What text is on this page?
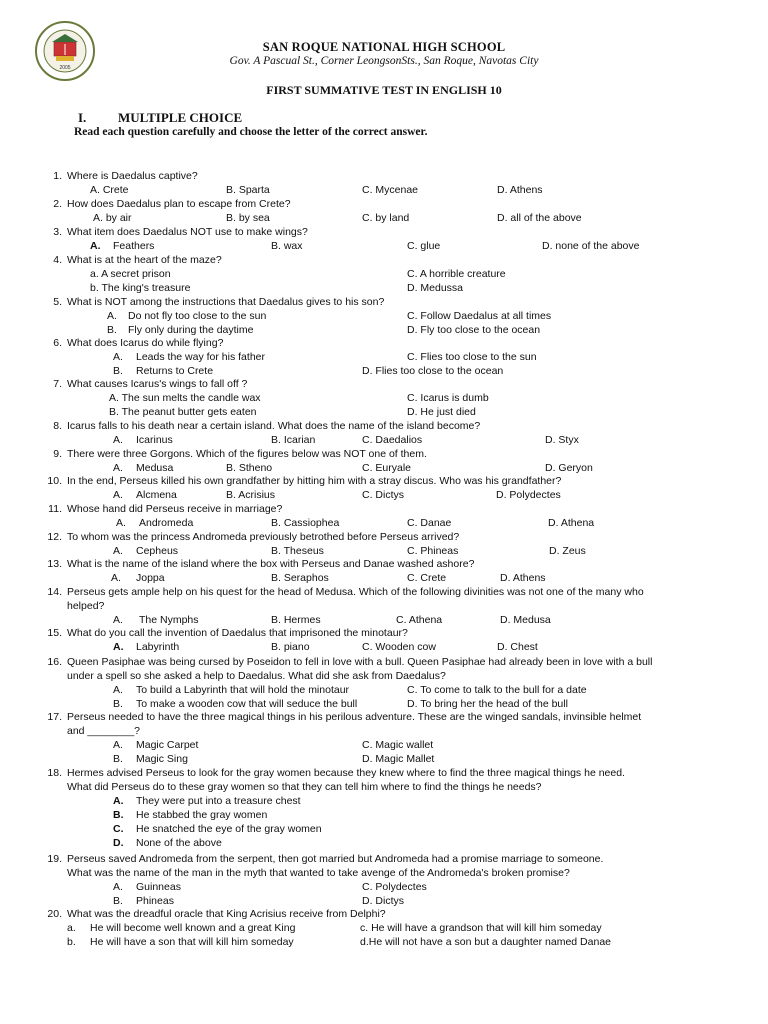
2005
SAN ROQUE NATIONAL HIGH SCHOOL
Gov. A Pascual St., Corner LeongsonSts., San Roque, Navotas City
FIRST SUMMATIVE TEST IN ENGLISH 10
I. MULTIPLE CHOICE
Read each question carefully and choose the letter of the correct answer.
1. Where is Daedalus captive?
A. Crete	B. Sparta	C. Mycenae	D. Athens
2. How does Daedalus plan to escape from Crete?
A. by air	B. by sea	C. by land	D. all of the above
3. What item does Daedalus NOT use to make wings?
A. Feathers	B. wax	C. glue	D. none of the above
4. What is at the heart of the maze?
a. A secret prison	C. A horrible creature
b. The king's treasure	D. Medussa
5. What is NOT among the instructions that Daedalus gives to his son?
A. Do not fly too close to the sun	C. Follow Daedalus at all times
B. Fly only during the daytime	D. Fly too close to the ocean
6. What does Icarus do while flying?
A. Leads the way for his father	C. Flies too close to the sun
B. Returns to Crete	D. Flies too close to the ocean
7. What causes Icarus's wings to fall off ?
A. The sun melts the candle wax	C. Icarus is dumb
B. The peanut butter gets eaten	D. He just died
8. Icarus falls to his death near a certain island. What does the name of the island become?
A. Icarinus	B. Icarian	C. Daedalios	D. Styx
9. There were three Gorgons. Which of the figures below was NOT one of them.
A. Medusa	B. Stheno	C. Euryale	D. Geryon
10. In the end, Perseus killed his own grandfather by hitting him with a stray discus. Who was his grandfather?
A. Alcmena	B. Acrisius	C. Dictys	D. Polydectes
11. Whose hand did Perseus receive in marriage?
A. Andromeda	B. Cassiophea	C. Danae	D. Athena
12. To whom was the princess Andromeda previously betrothed before Perseus arrived?
A. Cepheus	B. Theseus	C. Phineas	D. Zeus
13. What is the name of the island where the box with Perseus and Danae washed ashore?
A. Joppa	B. Seraphos	C. Crete	D. Athens
14. Perseus gets ample help on his quest for the head of Medusa. Which of the following divinities was not one of the many who
helped?
A. The Nymphs	B. Hermes	C. Athena	D. Medusa
15. What do you call the invention of Daedalus that imprisoned the minotaur?
A. Labyrinth	B. piano	C. Wooden cow	D. Chest
16. Queen Pasiphae was being cursed by Poseidon to fell in love with a bull. Queen Pasiphae had already been in love with a bull
under a spell so she asked a help to Daedalus. What did she ask from Daedalus?
A. To build a Labyrinth that will hold the minotaur	C. To come to talk to the bull for a date
B. To make a wooden cow that will seduce the bull	D. To bring her the head of the bull
17. Perseus needed to have the three magical things in his perilous adventure. These are the winged sandals, invinsible helmet
and ________?
A. Magic Carpet	C. Magic wallet
B. Magic Sing	D. Magic Mallet
18. Hermes advised Perseus to look for the gray women because they knew where to find the three magical things he need.
What did Perseus do to these gray women so that they can tell him where to find the things he needs?
A. They were put into a treasure chest
B. He stabbed the gray women
C. He snatched the eye of the gray women
D. None of the above
19. Perseus saved Andromeda from the serpent, then got married but Andromeda had a promise marriage to someone.
What was the name of the man in the myth that wanted to take avenge of the Andromeda's broken promise?
A. Guinneas	C. Polydectes
B. Phineas	D. Dictys
20. What was the dreadful oracle that King Acrisius receive from Delphi?
a. He will become well known and a great King	c. He will have a grandson that will kill him someday
b. He will have a son that will kill him someday	d.He will not have a son but a daughter named Danae
